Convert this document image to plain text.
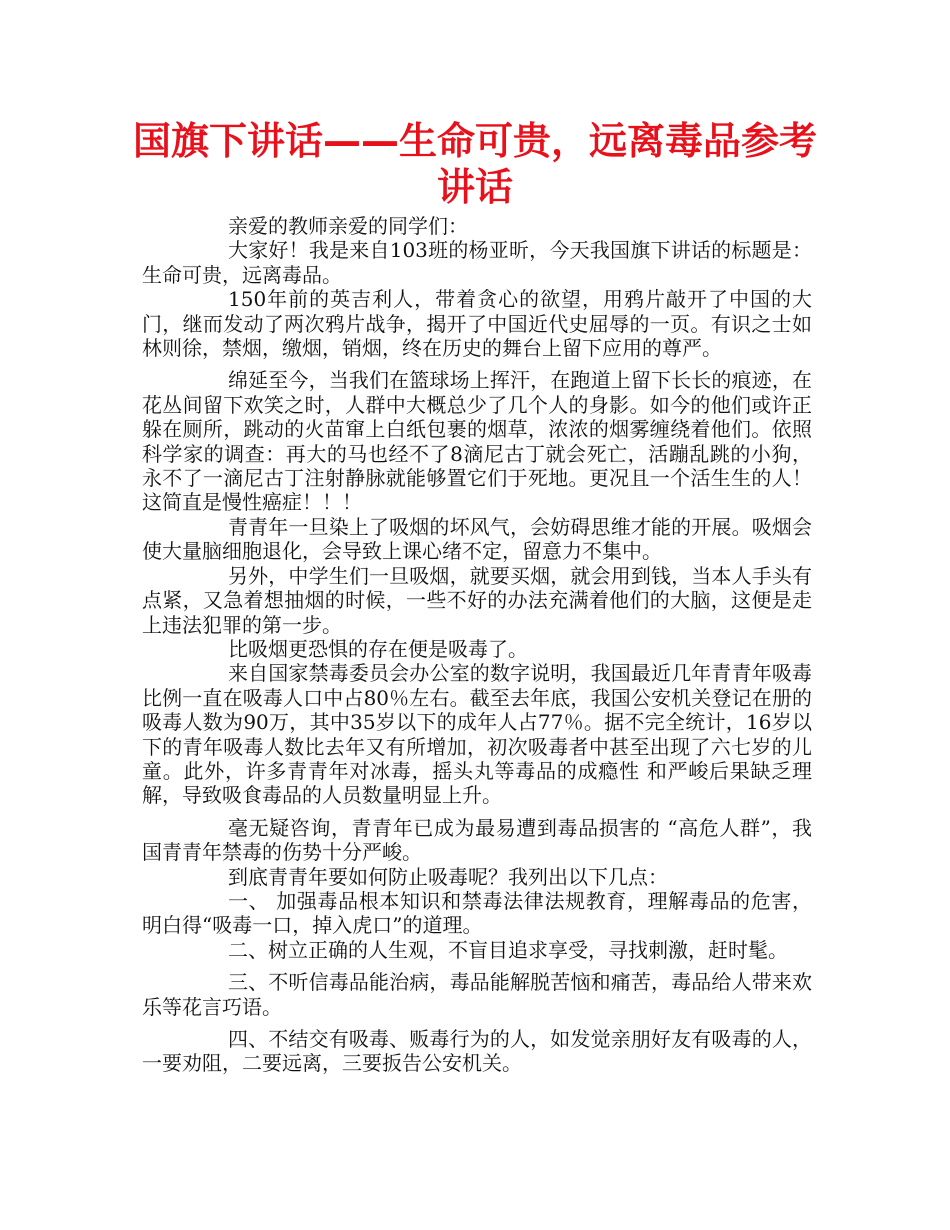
国旗下讲话——生命可贵，远离毒品参考讲话

亲爱的教师亲爱的同学们：

大家好！我是来自103班的杨亚昕，今天我国旗下讲话的标题是：生命可贵，远离毒品。

150年前的英吉利人，带着贪心的欲望，用鸦片敲开了中国的大门，继而发动了两次鸦片战争，揭开了中国近代史屈辱的一页。有识之士如林则徐，禁烟，缴烟，销烟，终在历史的舞台上留下应用的尊严。

绵延至今，当我们在篮球场上挥汗，在跑道上留下长长的痕迹，在花丛间留下欢笑之时，人群中大概总少了几个人的身影。如今的他们或许正躲在厕所，跳动的火苗窜上白纸包裹的烟草，浓浓的烟雾缠绕着他们。依照科学家的调查：再大的马也经不了8滴尼古丁就会死亡，活蹦乱跳的小狗，永不了一滴尼古丁注射静脉就能够置它们于死地。更况且一个活生生的人！这简直是慢性癌症！！！

青青年一旦染上了吸烟的坏风气，会妨碍思维才能的开展。吸烟会使大量脑细胞退化，会导致上课心绪不定，留意力不集中。

另外，中学生们一旦吸烟，就要买烟，就会用到钱，当本人手头有点紧，又急着想抽烟的时候，一些不好的办法充满着他们的大脑，这便是走上违法犯罪的第一步。

比吸烟更恐惧的存在便是吸毒了。

来自国家禁毒委员会办公室的数字说明，我国最近几年青青年吸毒比例一直在吸毒人口中占80％左右。截至去年底，我国公安机关登记在册的吸毒人数为90万，其中35岁以下的成年人占77％。据不完全统计，16岁以下的青年吸毒人数比去年又有所增加，初次吸毒者中甚至出现了六七岁的儿童。此外，许多青青年对冰毒，摇头丸等毒品的成瘾性 和严峻后果缺乏理解，导致吸食毒品的人员数量明显上升。

毫无疑咨询，青青年已成为最易遭到毒品损害的 “高危人群”，我国青青年禁毒的伤势十分严峻。

到底青青年要如何防止吸毒呢？我列出以下几点：

一、 加强毒品根本知识和禁毒法律法规教育，理解毒品的危害，明白得“吸毒一口，掉入虎口”的道理。

二、树立正确的人生观，不盲目追求享受，寻找刺激，赶时髦。

三、不听信毒品能治病，毒品能解脱苦恼和痛苦，毒品给人带来欢乐等花言巧语。

四、不结交有吸毒、贩毒行为的人，如发觉亲朋好友有吸毒的人，一要劝阻，二要远离，三要扳告公安机关。
